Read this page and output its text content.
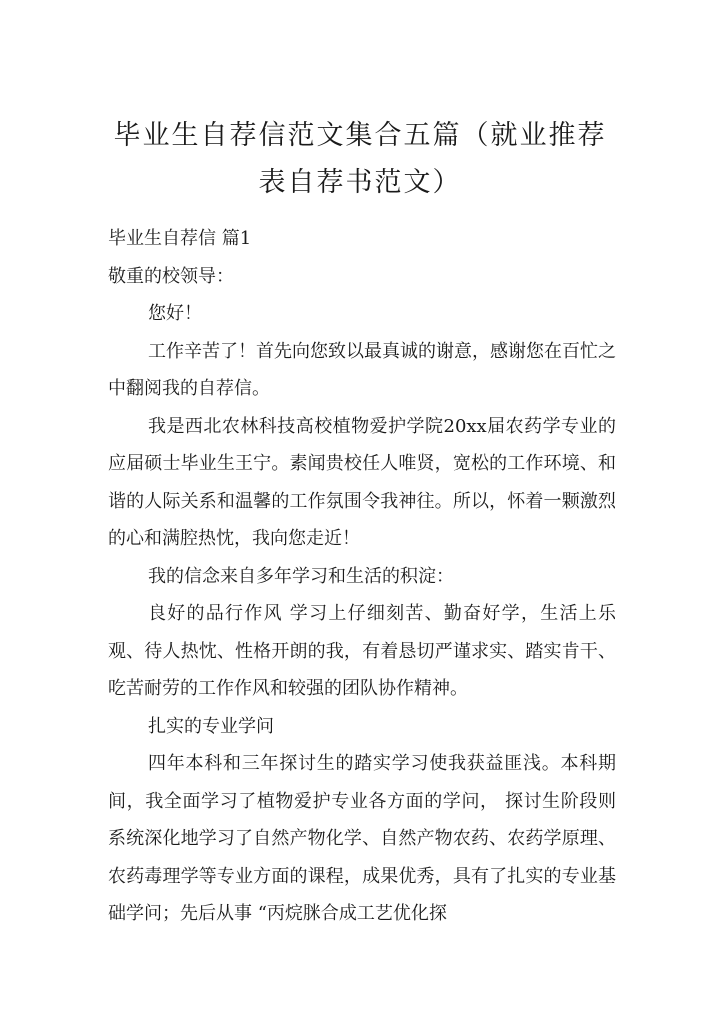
毕业生自荐信范文集合五篇（就业推荐表自荐书范文）

毕业生自荐信 篇1

敬重的校领导：

您好！

工作辛苦了！首先向您致以最真诚的谢意，感谢您在百忙之中翻阅我的自荐信。

我是西北农林科技高校植物爱护学院20xx届农药学专业的应届硕士毕业生王宁。素闻贵校任人唯贤，宽松的工作环境、和谐的人际关系和温馨的工作氛围令我神往。所以，怀着一颗激烈的心和满腔热忱，我向您走近！

我的信念来自多年学习和生活的积淀：

良好的品行作风 学习上仔细刻苦、勤奋好学，生活上乐观、待人热忱、性格开朗的我，有着恳切严谨求实、踏实肯干、吃苦耐劳的工作作风和较强的团队协作精神。

扎实的专业学问

四年本科和三年探讨生的踏实学习使我获益匪浅。本科期间，我全面学习了植物爱护专业各方面的学问， 探讨生阶段则系统深化地学习了自然产物化学、自然产物农药、农药学原理、农药毒理学等专业方面的课程，成果优秀，具有了扎实的专业基础学问；先后从事 “丙烷脒合成工艺优化探
